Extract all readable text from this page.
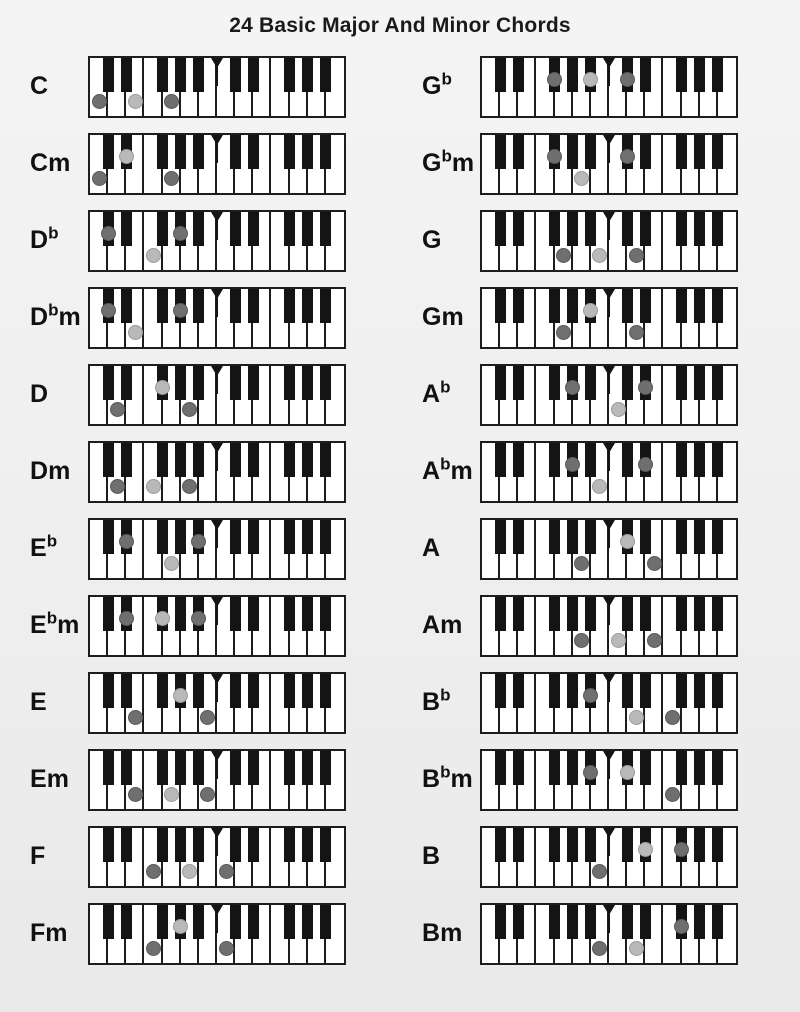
24 Basic Major And Minor Chords
C
Cm
$D^b$
$D^bm$
D
Dm
$E^b$
$E^bm$
E
Em
F
Fm
$G^b$
$G^bm$
G
Gm
$A^b$
$A^bm$
A
Am
$B^b$
$B^bm$
B
Bm
